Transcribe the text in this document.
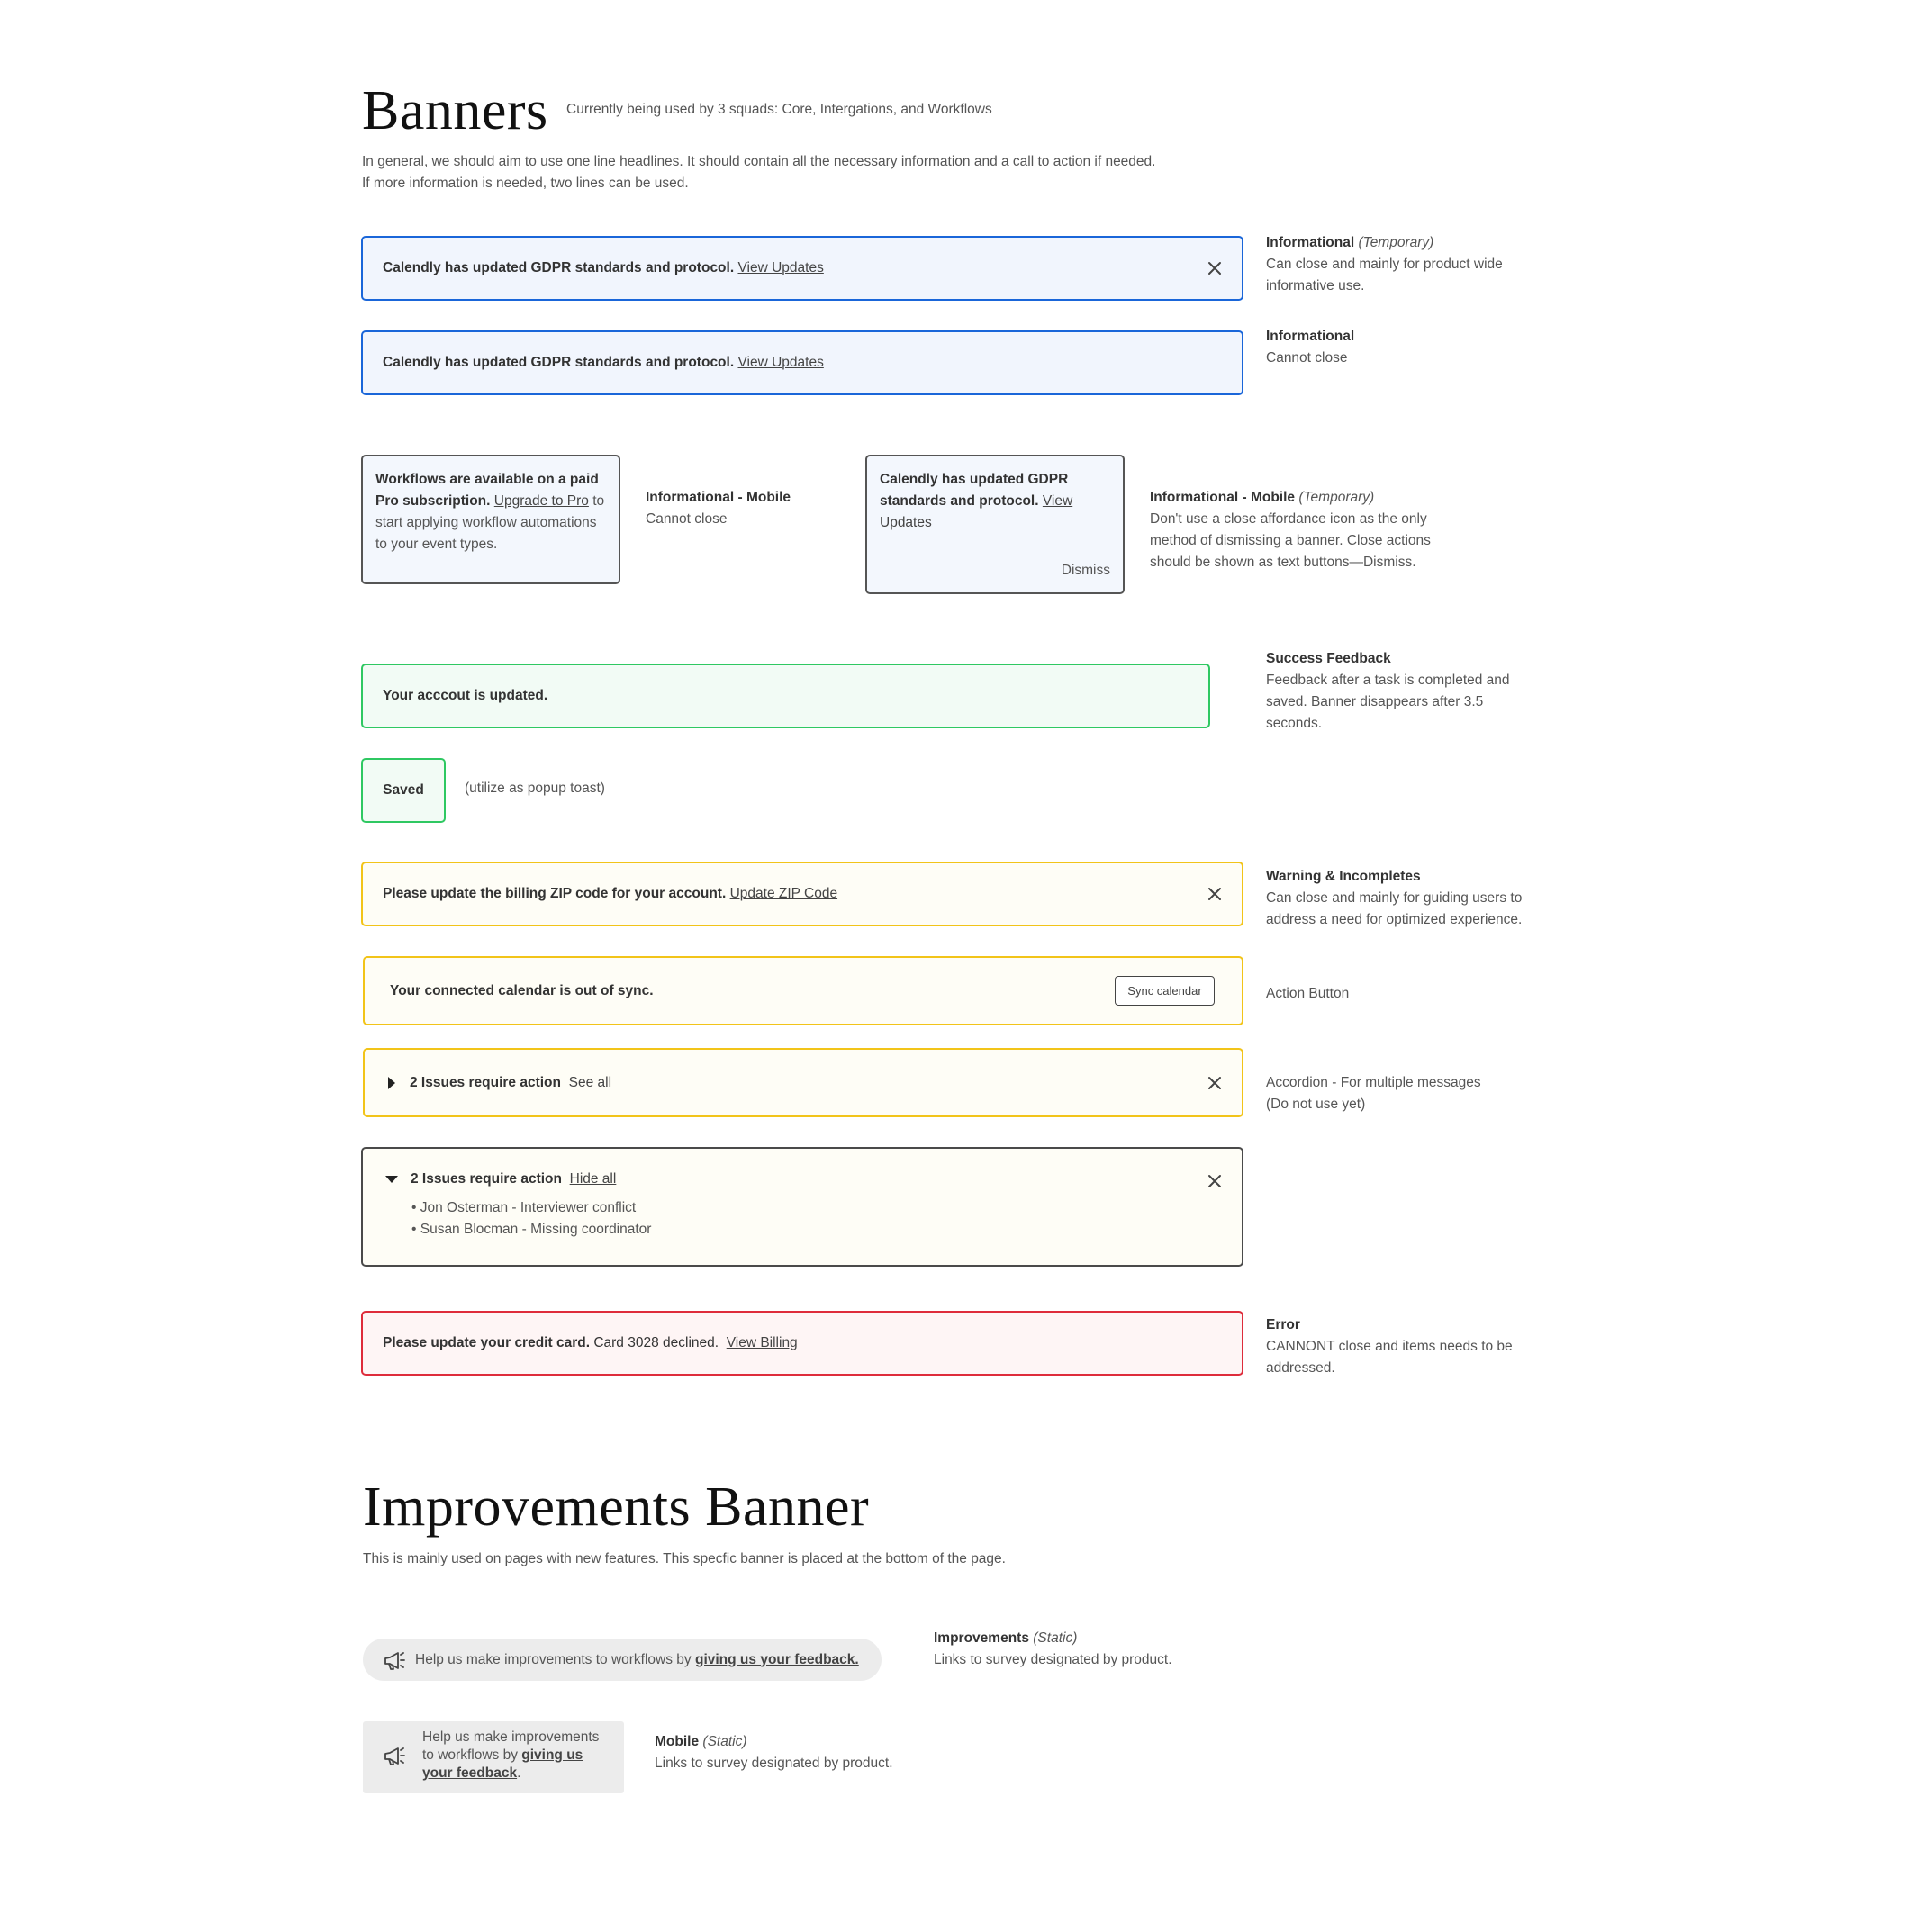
Banners Currently being used by 3 squads: Core, Intergations, and Workflows
In general, we should aim to use one line headlines. It should contain all the necessary information and a call to action if needed.
If more information is needed, two lines can be used.
Calendly has updated GDPR standards and protocol. View Updates
Informational (Temporary)
Can close and mainly for product wide
informative use.
Calendly has updated GDPR standards and protocol. View Updates
Informational
Cannot close
Workflows are available on a paid Pro subscription. Upgrade to Pro to start applying workflow automations to your event types.
Informational - Mobile
Cannot close
Calendly has updated GDPR standards and protocol. View Updates
Dismiss
Informational - Mobile (Temporary)
Don't use a close affordance icon as the only
method of dismissing a banner. Close actions
should be shown as text buttons—Dismiss.
Your acccout is updated.
Success Feedback
Feedback after a task is completed and
saved. Banner disappears after 3.5
seconds.
Saved	(utilize as popup toast)
Please update the billing ZIP code for your account. Update ZIP Code
Warning & Incompletes
Can close and mainly for guiding users to
address a need for optimized experience.
Your connected calendar is out of sync.	Sync calendar	Action Button
2 Issues require action
See all	Accordion - For multiple messages
(Do not use yet)
2 Issues require action
Hide all
• Jon Osterman - Interviewer conflict
• Susan Blocman - Missing coordinator
Please update your credit card. Card 3028 declined. View Billing
Error
CANNONT close and items needs to be
addressed.
Improvements Banner
This is mainly used on pages with new features. This specfic banner is placed at the bottom of the page.
Help us make improvements to workflows by
giving us your feedback.
Improvements (Static)
Links to survey designated by product.
Help us make improvements
to workflows by giving us
your feedback.
Mobile (Static)
Links to survey designated by product.
